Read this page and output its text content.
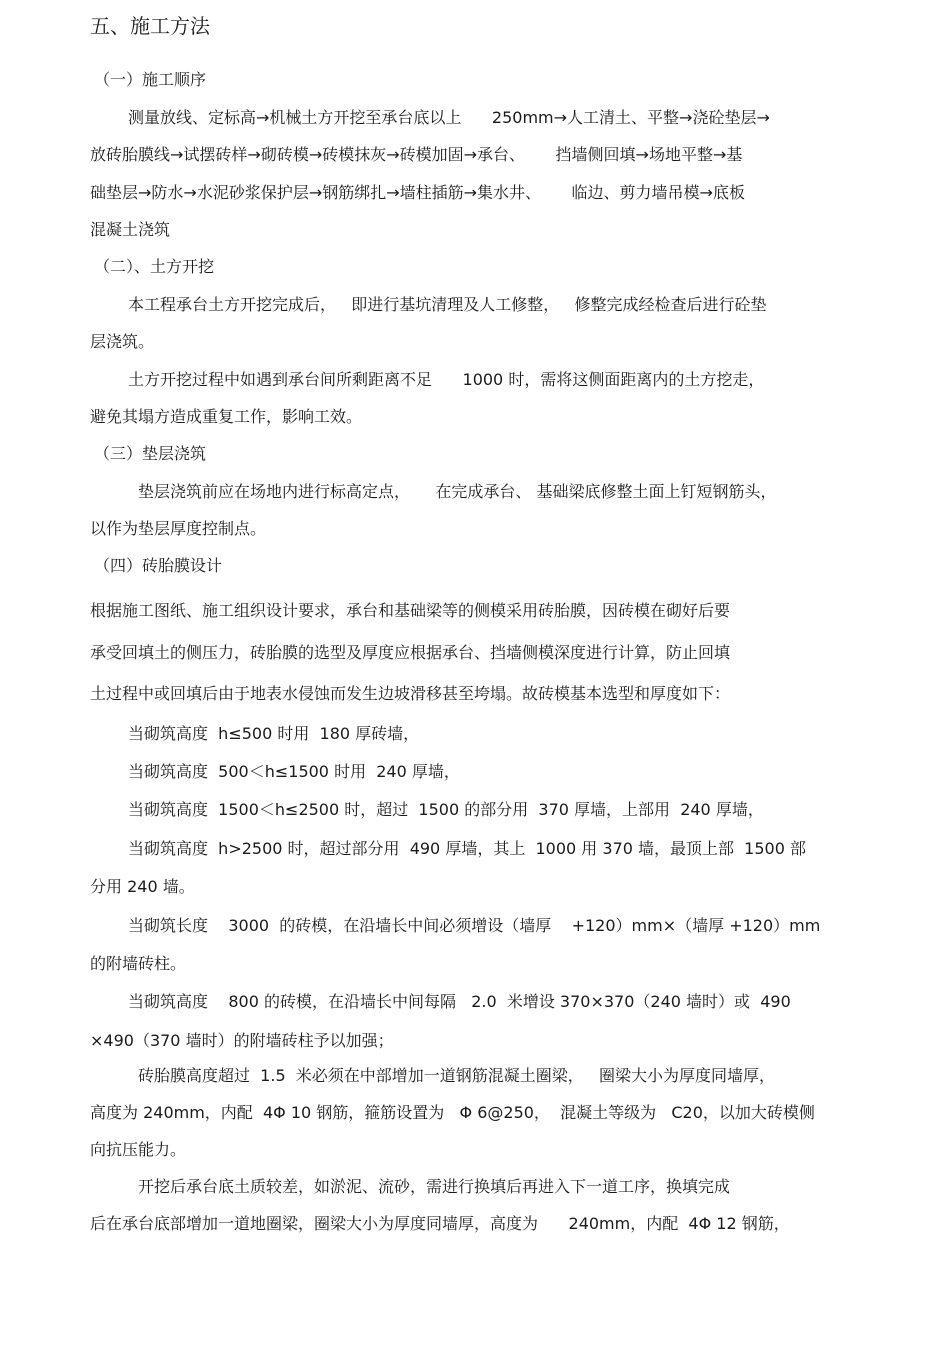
五、施工方法
（一）施工顺序
测量放线、定标高→机械土方开挖至承台底以上      250mm→人工清土、平整→浇砼垫层→
放砖胎膜线→试摆砖样→砌砖模→砖模抹灰→砖模加固→承台、      挡墙侧回填→场地平整→基
础垫层→防水→水泥砂浆保护层→钢筋绑扎→墙柱插筋→集水井、      临边、剪力墙吊模→底板
混凝土浇筑
（二）、土方开挖
本工程承台土方开挖完成后，   即进行基坑清理及人工修整，   修整完成经检查后进行砼垫
层浇筑。
土方开挖过程中如遇到承台间所剩距离不足      1000 时，需将这侧面距离内的土方挖走，
避免其塌方造成重复工作，影响工效。
（三）垫层浇筑
垫层浇筑前应在场地内进行标高定点，     在完成承台、 基础梁底修整土面上钉短钢筋头，
以作为垫层厚度控制点。
（四）砖胎膜设计
根据施工图纸、施工组织设计要求，承台和基础梁等的侧模采用砖胎膜，因砖模在砌好后要
承受回填土的侧压力，砖胎膜的选型及厚度应根据承台、挡墙侧模深度进行计算，防止回填
土过程中或回填后由于地表水侵蚀而发生边坡滑移甚至垮塌。故砖模基本选型和厚度如下：
当砌筑高度  h≤500 时用  180 厚砖墙，
当砌筑高度  500＜h≤1500 时用  240 厚墙，
当砌筑高度  1500＜h≤2500 时，超过  1500 的部分用  370 厚墙，上部用  240 厚墙，
当砌筑高度  h>2500 时，超过部分用  490 厚墙，其上  1000 用 370 墙，最顶上部  1500 部
分用 240 墙。
当砌筑长度    3000  的砖模，在沿墙长中间必须增设（墙厚    +120）mm×（墙厚 +120）mm
的附墙砖柱。
当砌筑高度    800 的砖模，在沿墙长中间每隔   2.0  米增设 370×370（240 墙时）或  490
×490（370 墙时）的附墙砖柱予以加强；
砖胎膜高度超过  1.5  米必须在中部增加一道钢筋混凝土圈梁，   圈梁大小为厚度同墙厚，
高度为 240mm，内配  4Φ 10 钢筋，箍筋设置为   Φ 6@250，  混凝土等级为   C20，以加大砖模侧
向抗压能力。
开挖后承台底土质较差，如淤泥、流砂，需进行换填后再进入下一道工序，换填完成
后在承台底部增加一道地圈梁，圈梁大小为厚度同墙厚，高度为      240mm，内配  4Φ 12 钢筋，
